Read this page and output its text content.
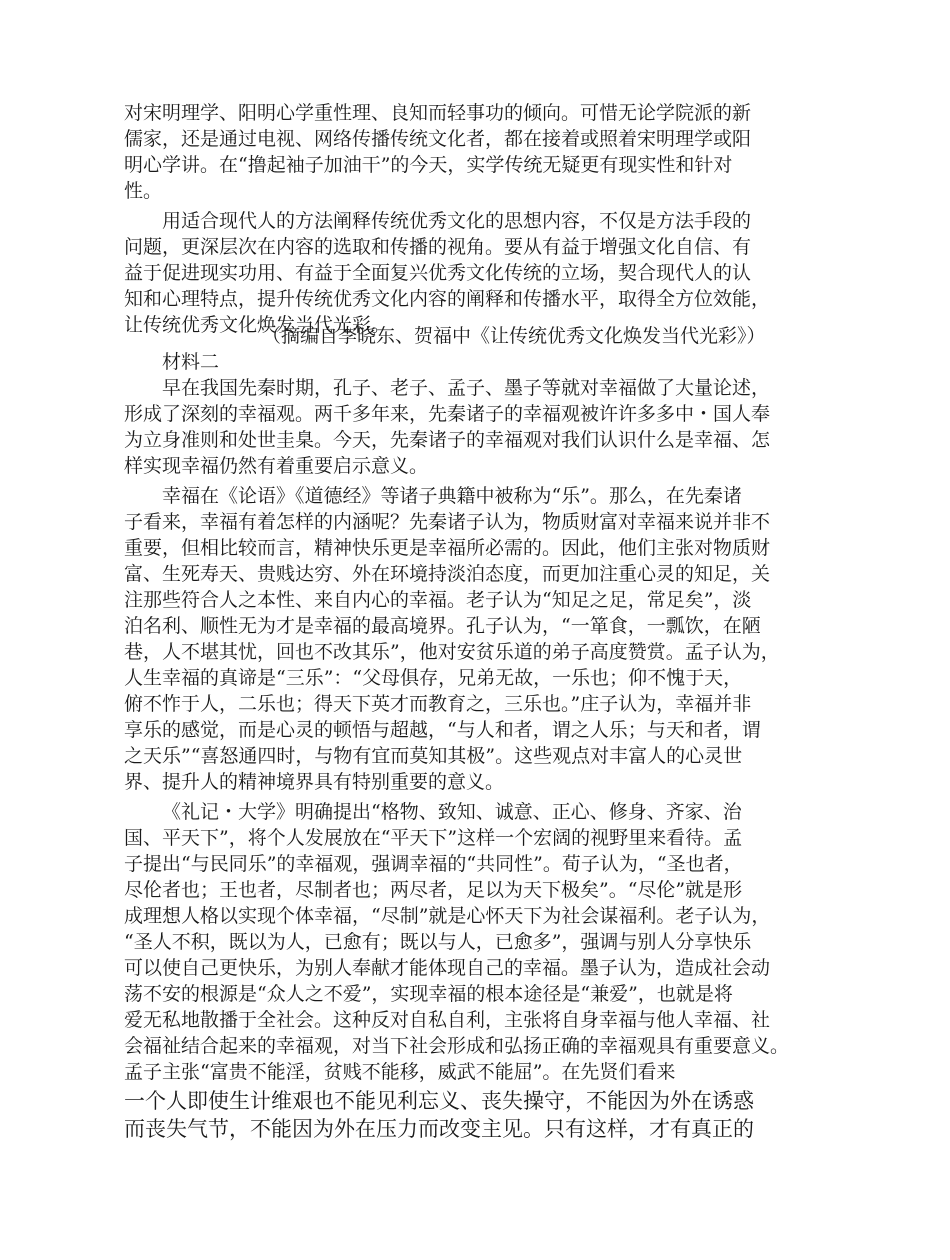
对宋明理学、阳明心学重性理、良知而轻事功的倾向。可惜无论学院派的新
儒家，还是通过电视、网络传播传统文化者，都在接着或照着宋明理学或阳
明心学讲。在“撸起袖子加油干”的今天，实学传统无疑更有现实性和针对
性。
用适合现代人的方法阐释传统优秀文化的思想内容，不仅是方法手段的
问题，更深层次在内容的选取和传播的视角。要从有益于增强文化自信、有
益于促进现实功用、有益于全面复兴优秀文化传统的立场，契合现代人的认
知和心理特点，提升传统优秀文化内容的阐释和传播水平，取得全方位效能，
让传统优秀文化焕发当代光彩。
（摘编自李晓东、贺福中《让传统优秀文化焕发当代光彩》）
材料二
早在我国先秦时期，孔子、老子、孟子、墨子等就对幸福做了大量论述，
形成了深刻的幸福观。两千多年来，先秦诸子的幸福观被许许多多中・国人奉
为立身准则和处世圭臬。今天，先秦诸子的幸福观对我们认识什么是幸福、怎
样实现幸福仍然有着重要启示意义。
幸福在《论语》《道德经》等诸子典籍中被称为“乐”。那么，在先秦诸
子看来，幸福有着怎样的内涵呢？先秦诸子认为，物质财富对幸福来说并非不
重要，但相比较而言，精神快乐更是幸福所必需的。因此，他们主张对物质财
富、生死寿天、贵贱达穷、外在环境持淡泊态度，而更加注重心灵的知足，关
注那些符合人之本性、来自内心的幸福。老子认为“知足之足，常足矣”，淡
泊名利、顺性无为才是幸福的最高境界。孔子认为，“一箪食，一瓢饮，在陋
巷，人不堪其忧，回也不改其乐”，他对安贫乐道的弟子高度赞赏。孟子认为，
人生幸福的真谛是“三乐”：“父母俱存，兄弟无故，一乐也；仰不愧于天，
俯不怍于人，二乐也；得天下英才而教育之，三乐也。”庄子认为，幸福并非
享乐的感觉，而是心灵的顿悟与超越，“与人和者，谓之人乐；与天和者，谓
之天乐”“喜怒通四时，与物有宜而莫知其极”。这些观点对丰富人的心灵世
界、提升人的精神境界具有特别重要的意义。
《礼记・大学》明确提出“格物、致知、诚意、正心、修身、齐家、治
国、平天下”，将个人发展放在“平天下”这样一个宏阔的视野里来看待。孟
子提出“与民同乐”的幸福观，强调幸福的“共同性”。荀子认为，“圣也者，
尽伦者也；王也者，尽制者也；两尽者，足以为天下极矣”。“尽伦”就是形
成理想人格以实现个体幸福，“尽制”就是心怀天下为社会谋福利。老子认为，
“圣人不积，既以为人，已愈有；既以与人，已愈多”，强调与别人分享快乐
可以使自己更快乐，为别人奉献才能体现自己的幸福。墨子认为，造成社会动
荡不安的根源是“众人之不爱”，实现幸福的根本途径是“兼爱”，也就是将
爱无私地散播于全社会。这种反对自私自利，主张将自身幸福与他人幸福、社
会福祉结合起来的幸福观，对当下社会形成和弘扬正确的幸福观具有重要意义。
孟子主张“富贵不能淫，贫贱不能移，威武不能屈”。在先贤们看来
一个人即使生计维艰也不能见利忘义、丧失操守，不能因为外在诱惑
而丧失气节，不能因为外在压力而改变主见。只有这样，才有真正的
